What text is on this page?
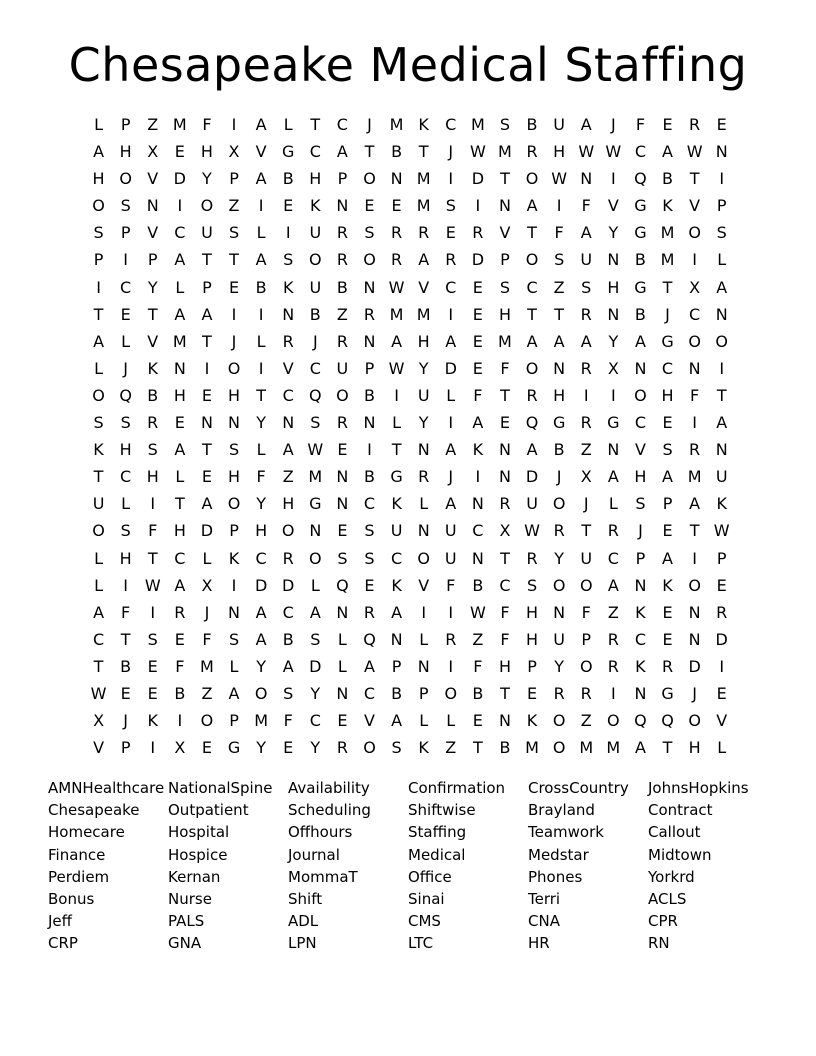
Chesapeake Medical Staffing
L	P	Z M F	I	A	L	T	C	J	M K	C M S	B U A	J	F	E	R	E
A H X	E	H X	V G C	A	T	B	T	J	W M R H W W C	A W N
H O V D	Y	P	A	B H	P O N M	I	D	T O W N	I	Q B	T	I
O S	N	I	O Z	I	E	K N	E	E M S	I	N A	I	F	V G K	V	P
S	P	V	C U	S	L	I	U R	S	R R	E	R	V	T	F	A	Y	G M O S
P	I	P	A	T	T	A	S O R O R	A	R D	P O S	U N B M	I	L
I	C	Y	L	P	E	B	K U B N W V	C	E	S	C	Z	S	H G	T	X	A
T	E	T	A	A	I	I	N B	Z	R M M	I	E	H	T	T	R N B	J	C N
A	L	V M T	J	L	R	J	R N A H A	E M A	A	A	Y	A G O O
L	J	K N	I	O	I	V	C U	P W Y	D E	F	O N R	X N C N	I
O Q B H	E	H	T	C Q O B	I	U	L	F	T	R H	I	I	O H	F	T
S	S	R	E	N N	Y	N	S	R N	L	Y	I	A	E Q G R G C	E	I	A
K H	S	A	T	S	L	A W E	I	T	N A	K N A	B	Z N V	S	R N
T	C H	L	E	H	F	Z M N B G R	J	I	N D	J	X	A H A M U
U	L	I	T	A O Y	H G N C	K	L	A N R U O	J	L	S	P	A	K
O S	F	H D	P	H O N	E	S	U N U C	X W R	T	R	J	E	T W
L	H	T	C	L	K	C R O S	S	C O U N	T	R	Y	U C	P	A	I	P
L	I	W A	X	I	D D	L	Q E	K	V	F	B	C	S O O A N K O E
A	F	I	R	J	N A	C	A N R	A	I	I	W F	H N	F	Z	K	E	N R
C	T	S	E	F	S	A	B	S	L	Q N	L	R	Z	F	H U	P	R C	E	N D
T	B	E	F M L	Y	A D	L	A	P	N	I	F	H	P	Y O R	K	R D	I
W E	E	B	Z	A O S	Y	N C	B	P O B	T	E	R R	I	N G	J	E
X	J	K	I	O P M F	C	E	V	A	L	L	E	N K O Z O Q Q O V
V	P	I	X	E G	Y	E	Y	R O S	K	Z	T	B M O M M A	T	H	L
AMNHealthcare NationalSpine	Availability	Confirmation	CrossCountry	JohnsHopkins
Chesapeake	Outpatient	Scheduling	Shiftwise	Brayland	Contract
Homecare	Hospital	Offhours	Staffing	Teamwork	Callout
Finance	Hospice	Journal	Medical	Medstar	Midtown
Perdiem	Kernan	MommaT	Office	Phones	Yorkrd
Bonus	Nurse	Shift	Sinai	Terri	ACLS
Jeff	PALS	ADL	CMS	CNA	CPR
CRP	GNA	LPN	LTC	HR	RN
